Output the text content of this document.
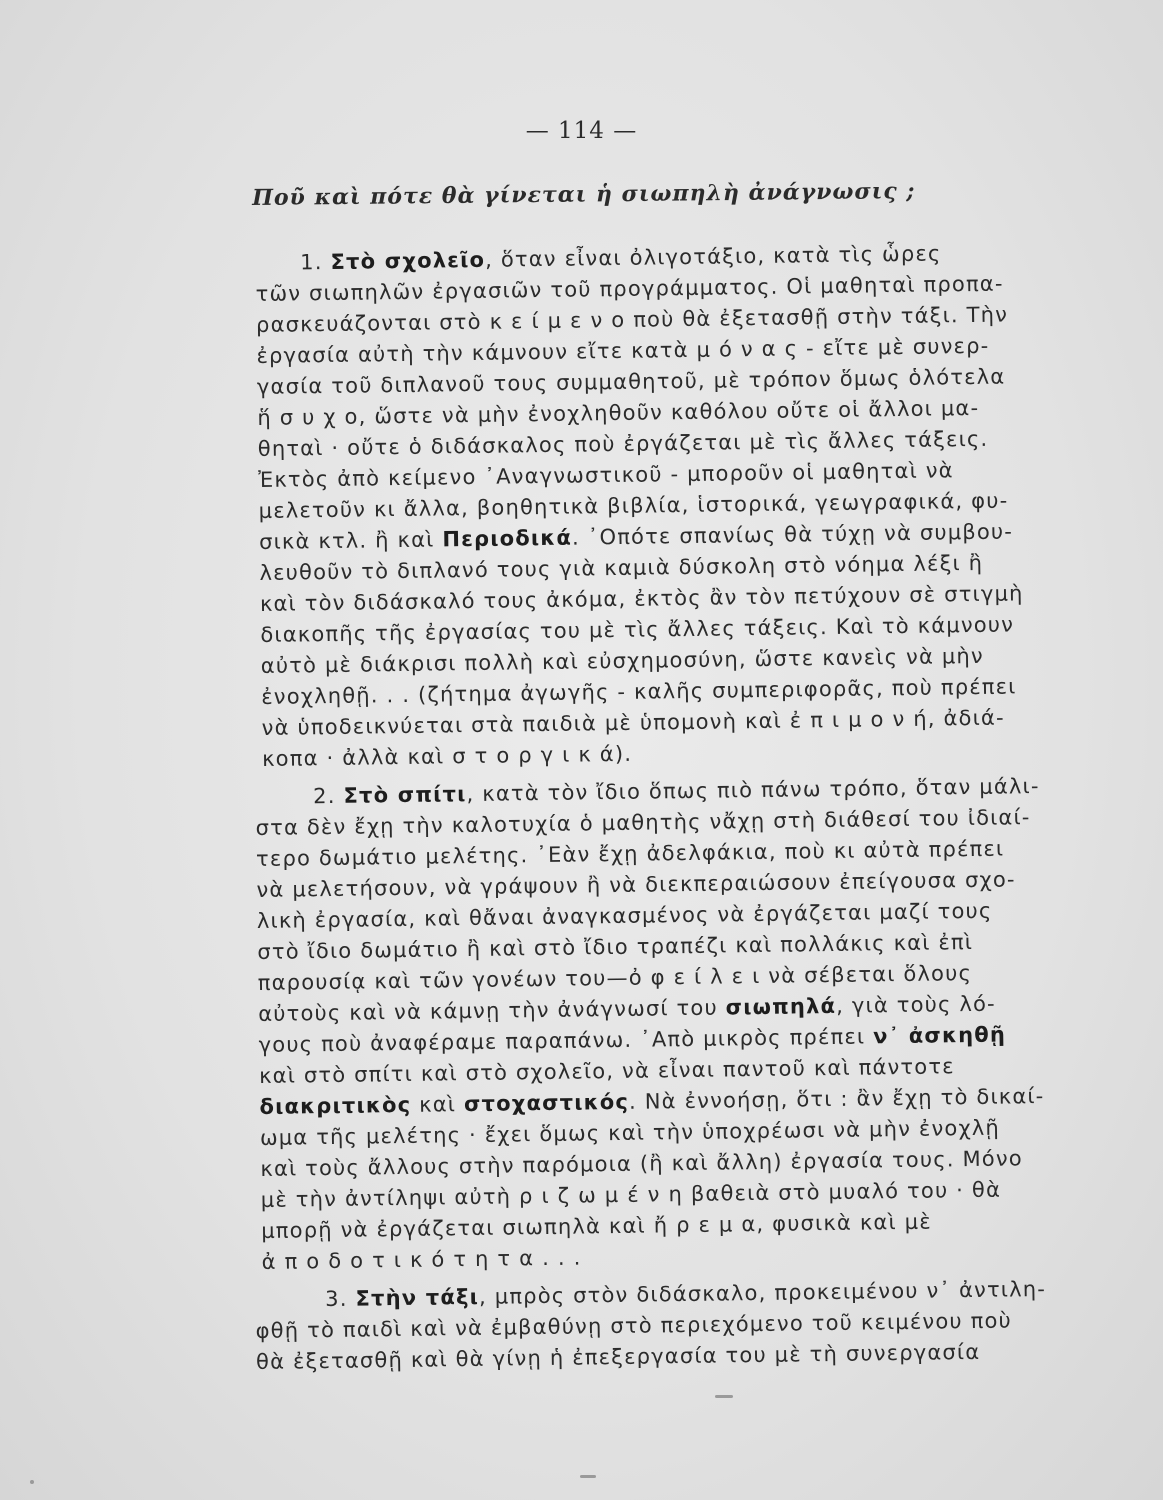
— 114 —
Ποῦ καὶ πότε θὰ γίνεται ἡ σιωπηλὴ ἀνάγνωσις ;
1. Στὸ σχολεῖο, ὅταν εἶναι ὀλιγοτάξιο, κατὰ τὶς ὧρες
τῶν σιωπηλῶν ἐργασιῶν τοῦ προγράμματος. Οἱ μαθηταὶ προπα-
ρασκευάζονται στὸ κ ε ί μ ε ν ο ποὺ θὰ ἐξετασθῇ στὴν τάξι. Τὴν
ἐργασία αὐτὴ τὴν κάμνουν εἴτε κατὰ μ ό ν α ς - εἴτε μὲ συνερ-
γασία τοῦ διπλανοῦ τους συμμαθητοῦ, μὲ τρόπον ὅμως ὁλότελα
ἥ σ υ χ ο, ὥστε νὰ μὴν ἐνοχληθοῦν καθόλου οὔτε οἱ ἄλλοι μα-
θηταὶ · οὔτε ὁ διδάσκαλος ποὺ ἐργάζεται μὲ τὶς ἄλλες τάξεις.
Ἐκτὸς ἀπὸ κείμενο ᾽Αναγνωστικοῦ - μποροῦν οἱ μαθηταὶ νὰ
μελετοῦν κι ἄλλα, βοηθητικὰ βιβλία, ἱστορικά, γεωγραφικά, φυ-
σικὰ κτλ. ἢ καὶ Περιοδικά. ᾽Οπότε σπανίως θὰ τύχῃ νὰ συμβου-
λευθοῦν τὸ διπλανό τους γιὰ καμιὰ δύσκολη στὸ νόημα λέξι ἢ
καὶ τὸν διδάσκαλό τους ἀκόμα, ἐκτὸς ἂν τὸν πετύχουν σὲ στιγμὴ
διακοπῆς τῆς ἐργασίας του μὲ τὶς ἄλλες τάξεις. Καὶ τὸ κάμνουν
αὐτὸ μὲ διάκρισι πολλὴ καὶ εὐσχημοσύνη, ὥστε κανεὶς νὰ μὴν
ἐνοχληθῇ. . . (ζήτημα ἀγωγῆς - καλῆς συμπεριφορᾶς, ποὺ πρέπει
νὰ ὑποδεικνύεται στὰ παιδιὰ μὲ ὑπομονὴ καὶ ἐ π ι μ ο ν ή, ἀδιά-
κοπα · ἀλλὰ καὶ σ τ ο ρ γ ι κ ά).
2. Στὸ σπίτι, κατὰ τὸν ἴδιο ὅπως πιὸ πάνω τρόπο, ὅταν μάλι-
στα δὲν ἔχῃ τὴν καλοτυχία ὁ μαθητὴς νἄχῃ στὴ διάθεσί του ἰδιαί-
τερο δωμάτιο μελέτης. ᾽Εὰν ἔχῃ ἀδελφάκια, ποὺ κι αὐτὰ πρέπει
νὰ μελετήσουν, νὰ γράψουν ἢ νὰ διεκπεραιώσουν ἐπείγουσα σχο-
λικὴ ἐργασία, καὶ θἄναι ἀναγκασμένος νὰ ἐργάζεται μαζί τους
στὸ ἴδιο δωμάτιο ἢ καὶ στὸ ἴδιο τραπέζι καὶ πολλάκις καὶ ἐπὶ
παρουσίᾳ καὶ τῶν γονέων του—ὀ φ ε ί λ ε ι νὰ σέβεται ὅλους
αὐτοὺς καὶ νὰ κάμνῃ τὴν ἀνάγνωσί του σιωπηλά, γιὰ τοὺς λό-
γους ποὺ ἀναφέραμε παραπάνω. ᾽Απὸ μικρὸς πρέπει ν᾽ ἀσκηθῇ
καὶ στὸ σπίτι καὶ στὸ σχολεῖο, νὰ εἶναι παντοῦ καὶ πάντοτε
διακριτικὸς καὶ στοχαστικός. Νὰ ἐννοήσῃ, ὅτι : ἂν ἔχῃ τὸ δικαί-
ωμα τῆς μελέτης · ἔχει ὅμως καὶ τὴν ὑποχρέωσι νὰ μὴν ἐνοχλῇ
καὶ τοὺς ἄλλους στὴν παρόμοια (ἢ καὶ ἄλλη) ἐργασία τους. Μόνο
μὲ τὴν ἀντίληψι αὐτὴ ρ ι ζ ω μ έ ν η βαθειὰ στὸ μυαλό του · θὰ
μπορῇ νὰ ἐργάζεται σιωπηλὰ καὶ ἤ ρ ε μ α, φυσικὰ καὶ μὲ
ἀ π ο δ ο τ ι κ ό τ η τ α . . .
3. Στὴν τάξι, μπρὸς στὸν διδάσκαλο, προκειμένου ν᾽ ἀντιλη-
φθῇ τὸ παιδὶ καὶ νὰ ἐμβαθύνῃ στὸ περιεχόμενο τοῦ κειμένου ποὺ
θὰ ἐξετασθῇ καὶ θὰ γίνῃ ἡ ἐπεξεργασία του μὲ τὴ συνεργασία
